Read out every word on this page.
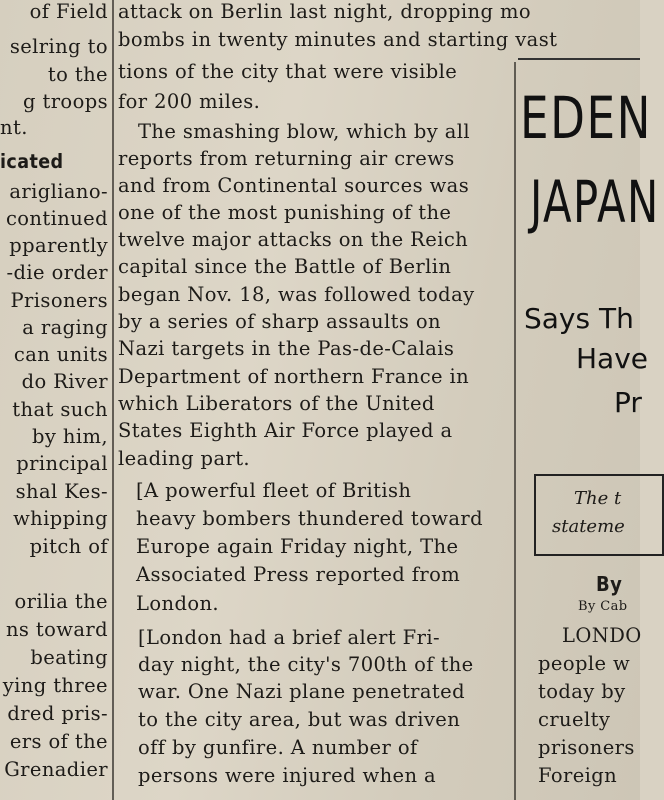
of Field
selring to
to the
g troops
nt.
icated
arigliano-
continued
pparently
-die order
Prisoners
a raging
can units
do River
that such
by him,
principal
shal Kes-
whipping
pitch of
orilia the
ns toward
beating
ying three
dred pris-
ers of the
Grenadier
attack on Berlin last night, dropping mo
bombs in twenty minutes and starting vast
tions of the city that were visible
for 200 miles.
The smashing blow, which by all
reports from returning air crews
and from Continental sources was
one of the most punishing of the
twelve major attacks on the Reich
capital since the Battle of Berlin
began Nov. 18, was followed today
by a series of sharp assaults on
Nazi targets in the Pas-de-Calais
Department of northern France in
which Liberators of the United
States Eighth Air Force played a
leading part.
[A powerful fleet of British
heavy bombers thundered toward
Europe again Friday night, The
Associated Press reported from
London.
[London had a brief alert Fri-
day night, the city's 700th of the
war. One Nazi plane penetrated
to the city area, but was driven
off by gunfire. A number of
persons were injured when a
EDEN
JAPAN
Says Th
Have
Pr
The t
stateme
By
By Cab
LONDO
people w
today by
cruelty
prisoners
Foreign
